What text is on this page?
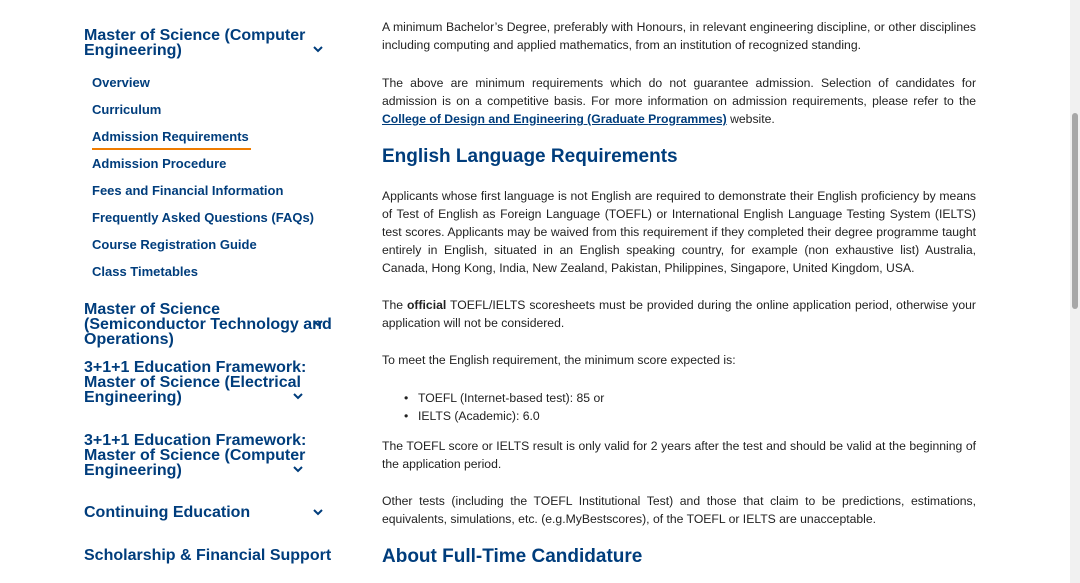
Master of Science (Computer Engineering)
Overview
Curriculum
Admission Requirements
Admission Procedure
Fees and Financial Information
Frequently Asked Questions (FAQs)
Course Registration Guide
Class Timetables
Master of Science (Semiconductor Technology and Operations)
3+1+1 Education Framework: Master of Science (Electrical Engineering)
3+1+1 Education Framework: Master of Science (Computer Engineering)
Continuing Education
Scholarship & Financial Support

A minimum Bachelor’s Degree, preferably with Honours, in relevant engineering discipline, or other disciplines including computing and applied mathematics, from an institution of recognized standing.

The above are minimum requirements which do not guarantee admission. Selection of candidates for admission is on a competitive basis. For more information on admission requirements, please refer to the College of Design and Engineering (Graduate Programmes) website.

English Language Requirements

Applicants whose first language is not English are required to demonstrate their English proficiency by means of Test of English as Foreign Language (TOEFL) or International English Language Testing System (IELTS) test scores. Applicants may be waived from this requirement if they completed their degree programme taught entirely in English, situated in an English speaking country, for example (non exhaustive list) Australia, Canada, Hong Kong, India, New Zealand, Pakistan, Philippines, Singapore, United Kingdom, USA.

The official TOEFL/IELTS scoresheets must be provided during the online application period, otherwise your application will not be considered.

To meet the English requirement, the minimum score expected is:

• TOEFL (Internet-based test): 85 or
• IELTS (Academic): 6.0

The TOEFL score or IELTS result is only valid for 2 years after the test and should be valid at the beginning of the application period.

Other tests (including the TOEFL Institutional Test) and those that claim to be predictions, estimations, equivalents, simulations, etc. (e.g.MyBestscores), of the TOEFL or IELTS are unacceptable.

About Full-Time Candidature
